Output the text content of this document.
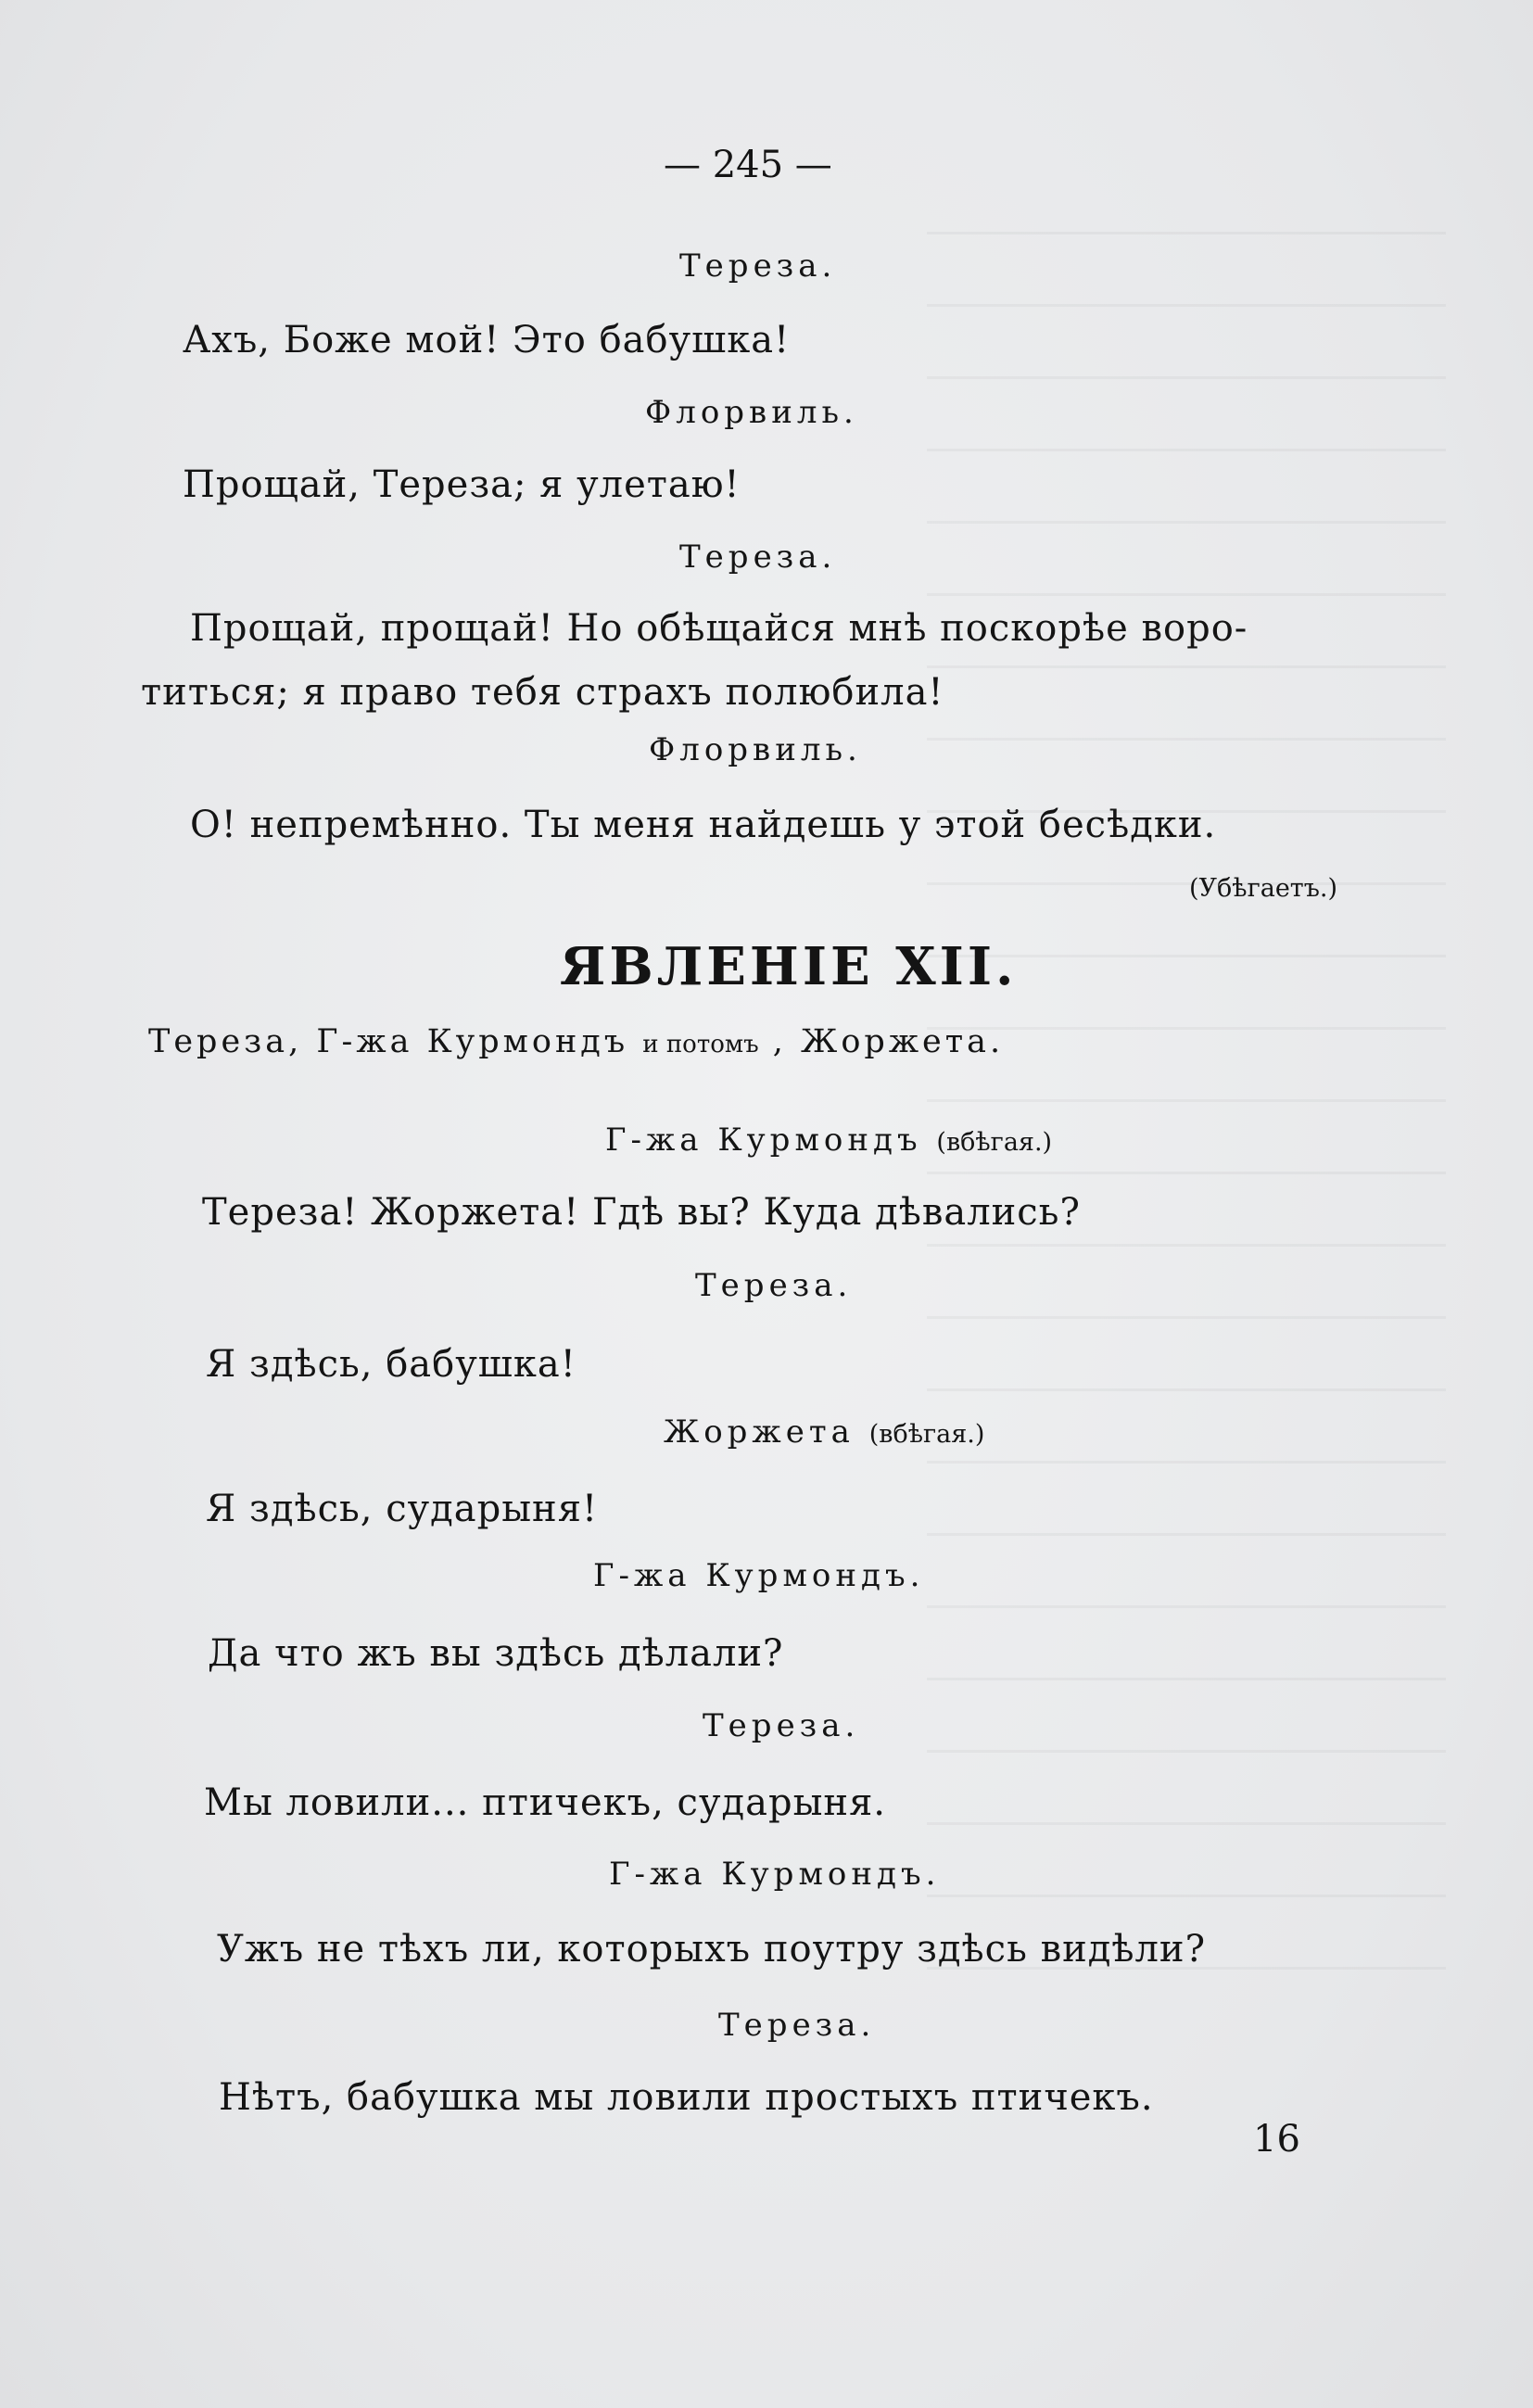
— 245 —
Тереза.
Ахъ, Боже мой! Это бабушка!
Флорвиль.
Прощай, Тереза; я улетаю!
Тереза.
Прощай, прощай! Но обѣщайся мнѣ поскорѣе воро-
титься; я право тебя страхъ полюбила!
Флорвиль.
О! непремѣнно. Ты меня найдешь у этой бесѣдки.
(Убѣгаетъ.)
ЯВЛЕНІЕ XII.
Тереза, Г-жа Курмондъ и потомъ , Жоржета.
Г-жа Курмондъ (вбѣгая.)
Тереза! Жоржета! Гдѣ вы? Куда дѣвались?
Тереза.
Я здѣсь, бабушка!
Жоржета (вбѣгая.)
Я здѣсь, сударыня!
Г-жа Курмондъ.
Да что жъ вы здѣсь дѣлали?
Тереза.
Мы ловили... птичекъ, сударыня.
Г-жа Курмондъ.
Ужъ не тѣхъ ли, которыхъ поутру здѣсь видѣли?
Тереза.
Нѣтъ, бабушка мы ловили простыхъ птичекъ.
16
